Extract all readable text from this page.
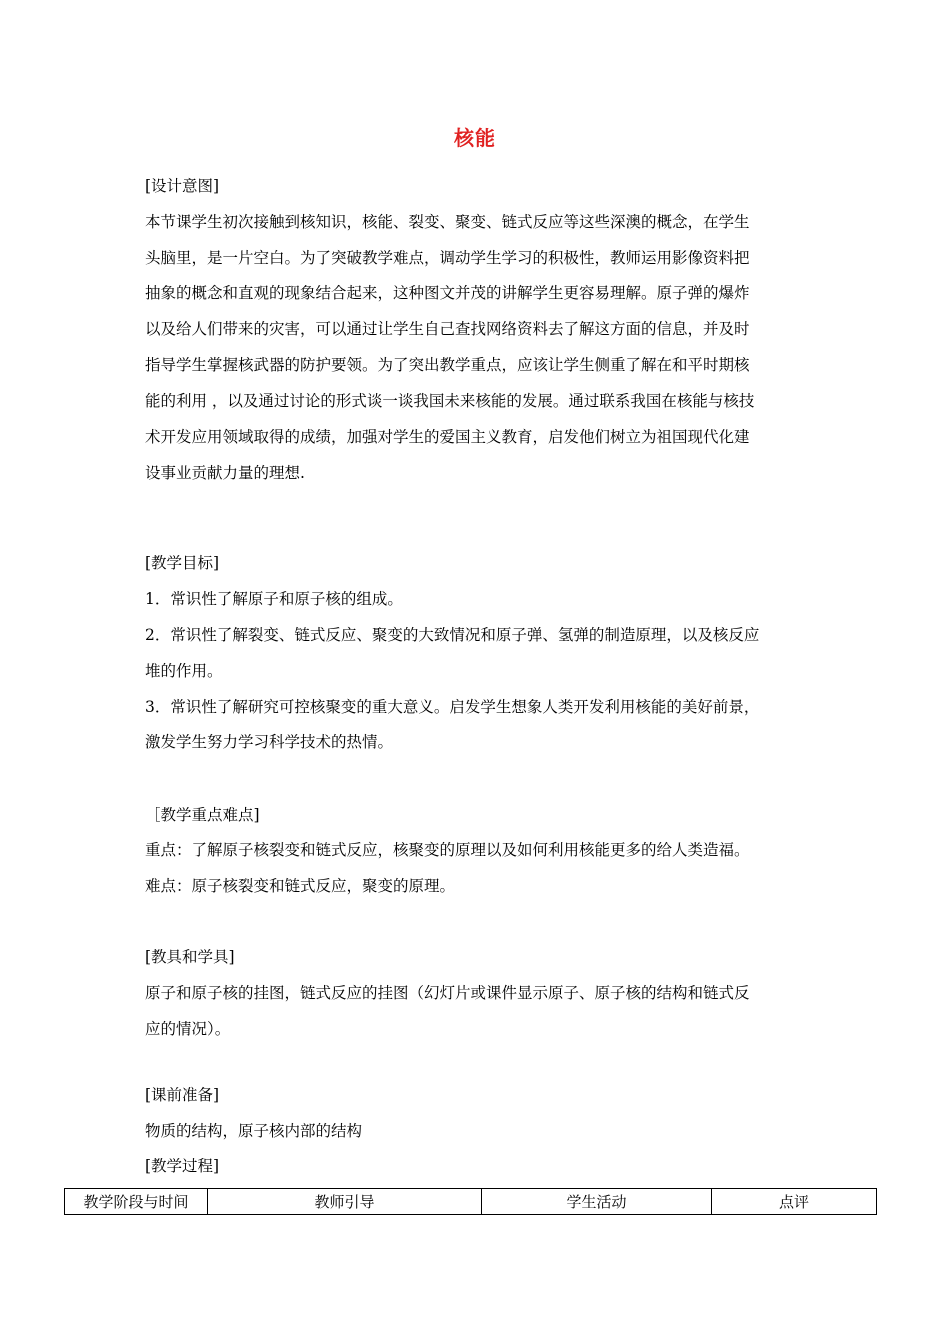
核能
[设计意图]
本节课学生初次接触到核知识，核能、裂变、聚变、链式反应等这些深澳的概念，在学生
头脑里，是一片空白。为了突破教学难点，调动学生学习的积极性，教师运用影像资料把
抽象的概念和直观的现象结合起来，这种图文并茂的讲解学生更容易理解。原子弹的爆炸
以及给人们带来的灾害，可以通过让学生自己查找网络资料去了解这方面的信息，并及时
指导学生掌握核武器的防护要领。为了突出教学重点，应该让学生侧重了解在和平时期核
能的利用 ，以及通过讨论的形式谈一谈我国未来核能的发展。通过联系我国在核能与核技
术开发应用领域取得的成绩，加强对学生的爱国主义教育，启发他们树立为祖国现代化建
设事业贡献力量的理想.
[教学目标]
1．常识性了解原子和原子核的组成。
2．常识性了解裂变、链式反应、聚变的大致情况和原子弹、氢弹的制造原理，以及核反应
堆的作用。
3．常识性了解研究可控核聚变的重大意义。启发学生想象人类开发利用核能的美好前景，
激发学生努力学习科学技术的热情。
［教学重点难点]
重点：了解原子核裂变和链式反应，核聚变的原理以及如何利用核能更多的给人类造福。
难点：原子核裂变和链式反应，聚变的原理。
[教具和学具]
原子和原子核的挂图，链式反应的挂图（幻灯片或课件显示原子、原子核的结构和链式反
应的情况）。
[课前准备]
物质的结构，原子核内部的结构
[教学过程]
教学阶段与时间	教师引导	学生活动	点评
